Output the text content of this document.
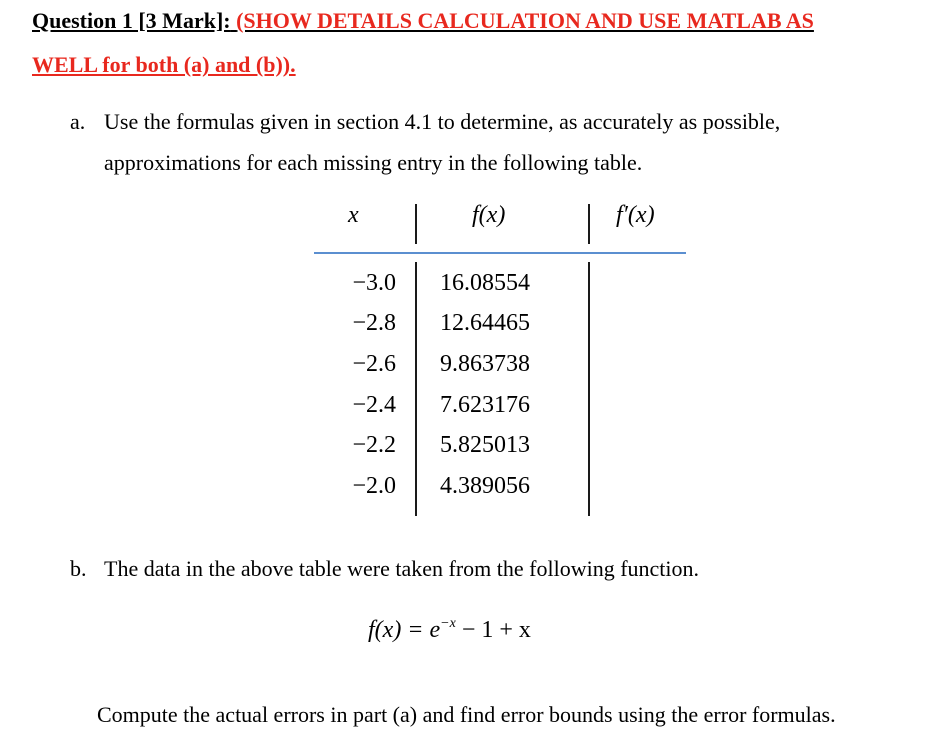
Question 1 [3 Mark]: (SHOW DETAILS CALCULATION AND USE MATLAB AS
WELL for both (a) and (b)).
a. Use the formulas given in section 4.1 to determine, as accurately as possible,
approximations for each missing entry in the following table.
x	f(x)	f′(x)
−3.0 16.08554
−2.8 12.64465
−2.6 9.863738
−2.4 7.623176
−2.2 5.825013
−2.0 4.389056
b. The data in the above table were taken from the following function.
$f(x) = e^{-x} - 1 + x$
Compute the actual errors in part (a) and find error bounds using the error formulas.
